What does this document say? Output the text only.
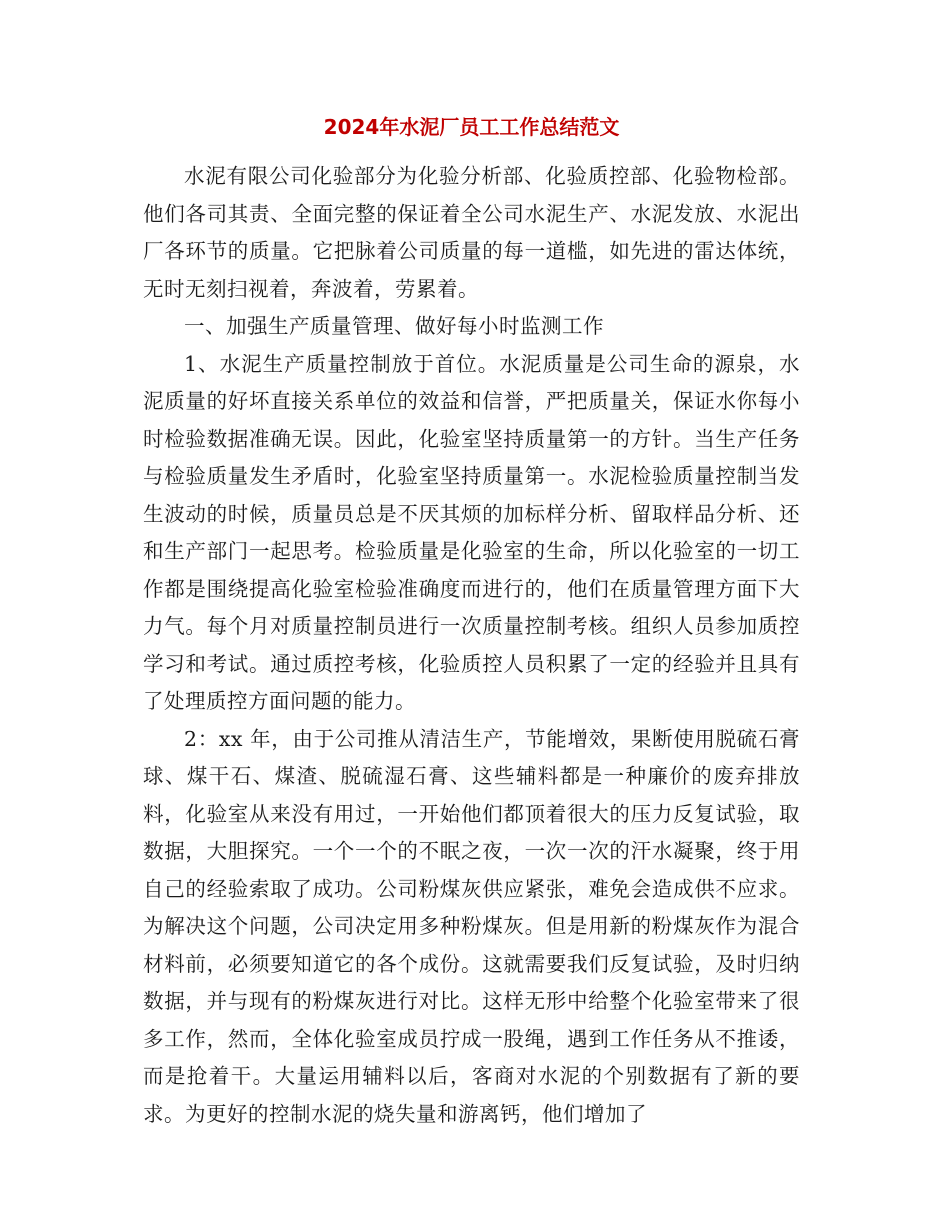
2024年水泥厂员工工作总结范文

水泥有限公司化验部分为化验分析部、化验质控部、化验物检部。他们各司其责、全面完整的保证着全公司水泥生产、水泥发放、水泥出厂各环节的质量。它把脉着公司质量的每一道槛，如先进的雷达体统，无时无刻扫视着，奔波着，劳累着。

一、加强生产质量管理、做好每小时监测工作

1、水泥生产质量控制放于首位。水泥质量是公司生命的源泉，水泥质量的好坏直接关系单位的效益和信誉，严把质量关，保证水你每小时检验数据准确无误。因此，化验室坚持质量第一的方针。当生产任务与检验质量发生矛盾时，化验室坚持质量第一。水泥检验质量控制当发生波动的时候，质量员总是不厌其烦的加标样分析、留取样品分析、还和生产部门一起思考。检验质量是化验室的生命，所以化验室的一切工作都是围绕提高化验室检验准确度而进行的，他们在质量管理方面下大力气。每个月对质量控制员进行一次质量控制考核。组织人员参加质控学习和考试。通过质控考核，化验质控人员积累了一定的经验并且具有了处理质控方面问题的能力。

2：xx 年，由于公司推从清洁生产，节能增效，果断使用脱硫石膏球、煤干石、煤渣、脱硫湿石膏、这些辅料都是一种廉价的废弃排放料，化验室从来没有用过，一开始他们都顶着很大的压力反复试验，取数据，大胆探究。一个一个的不眠之夜，一次一次的汗水凝聚，终于用自己的经验索取了成功。公司粉煤灰供应紧张，难免会造成供不应求。为解决这个问题，公司决定用多种粉煤灰。但是用新的粉煤灰作为混合材料前，必须要知道它的各个成份。这就需要我们反复试验，及时归纳数据，并与现有的粉煤灰进行对比。这样无形中给整个化验室带来了很多工作，然而，全体化验室成员拧成一股绳，遇到工作任务从不推诿，而是抢着干。大量运用辅料以后，客商对水泥的个别数据有了新的要求。为更好的控制水泥的烧失量和游离钙，他们增加了
